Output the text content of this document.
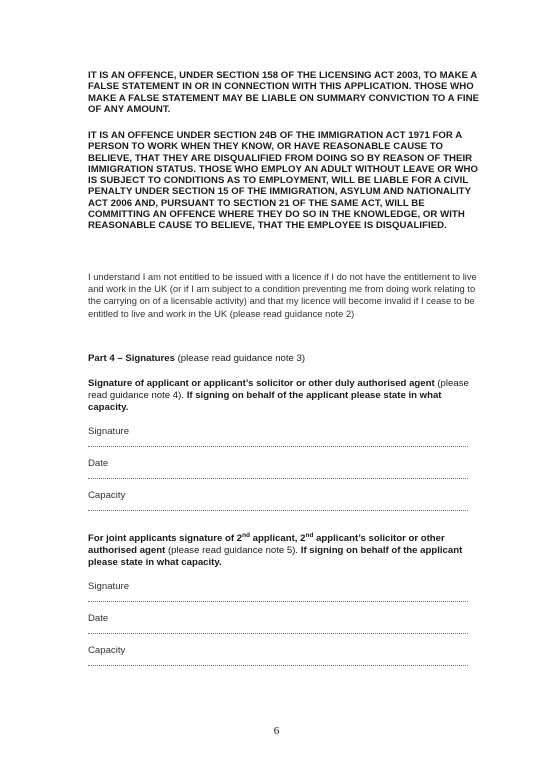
IT IS AN OFFENCE, UNDER SECTION 158 OF THE LICENSING ACT 2003, TO MAKE A FALSE STATEMENT IN OR IN CONNECTION WITH THIS APPLICATION. THOSE WHO MAKE A FALSE STATEMENT MAY BE LIABLE ON SUMMARY CONVICTION TO A FINE OF ANY AMOUNT.
IT IS AN OFFENCE UNDER SECTION 24B OF THE IMMIGRATION ACT 1971 FOR A PERSON TO WORK WHEN THEY KNOW, OR HAVE REASONABLE CAUSE TO BELIEVE, THAT THEY ARE DISQUALIFIED FROM DOING SO BY REASON OF THEIR IMMIGRATION STATUS. THOSE WHO EMPLOY AN ADULT WITHOUT LEAVE OR WHO IS SUBJECT TO CONDITIONS AS TO EMPLOYMENT, WILL BE LIABLE FOR A CIVIL PENALTY UNDER SECTION 15 OF THE IMMIGRATION, ASYLUM AND NATIONALITY ACT 2006 AND, PURSUANT TO SECTION 21 OF THE SAME ACT, WILL BE COMMITTING AN OFFENCE WHERE THEY DO SO IN THE KNOWLEDGE, OR WITH REASONABLE CAUSE TO BELIEVE, THAT THE EMPLOYEE IS DISQUALIFIED.
I understand I am not entitled to be issued with a licence if I do not have the entitlement to live and work in the UK (or if I am subject to a condition preventing me from doing work relating to the carrying on of a licensable activity) and that my licence will become invalid if I cease to be entitled to live and work in the UK (please read guidance note 2)
Part 4 – Signatures (please read guidance note 3)
Signature of applicant or applicant’s solicitor or other duly authorised agent (please read guidance note 4). If signing on behalf of the applicant please state in what capacity.
Signature
Date
Capacity
For joint applicants signature of 2nd applicant, 2nd applicant’s solicitor or other authorised agent (please read guidance note 5). If signing on behalf of the applicant please state in what capacity.
Signature
Date
Capacity
6
